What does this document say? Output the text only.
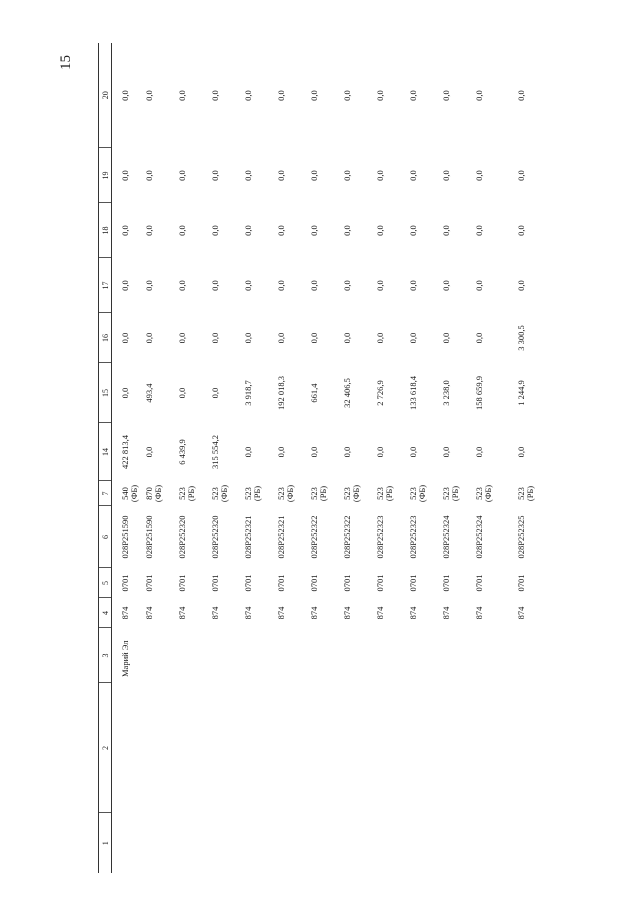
15
1	2	3	4	5	6	7	14	15	16	17	18	19	20
		Марий Эл	874	0701	028P251590	540 (ФБ)	422 813,4	0,0	0,0	0,0	0,0	0,0	0,0
			874	0701	028P251590	870 (ФБ)	0,0	493,4	0,0	0,0	0,0	0,0	0,0
			874	0701	028P252320	523 (РБ)	6 439,9	0,0	0,0	0,0	0,0	0,0	0,0
			874	0701	028P252320	523 (ФБ)	315 554,2	0,0	0,0	0,0	0,0	0,0	0,0
			874	0701	028P252321	523 (РБ)	0,0	3 918,7	0,0	0,0	0,0	0,0	0,0
			874	0701	028P252321	523 (ФБ)	0,0	192 018,3	0,0	0,0	0,0	0,0	0,0
			874	0701	028P252322	523 (РБ)	0,0	661,4	0,0	0,0	0,0	0,0	0,0
			874	0701	028P252322	523 (ФБ)	0,0	32 406,5	0,0	0,0	0,0	0,0	0,0
			874	0701	028P252323	523 (РБ)	0,0	2 726,9	0,0	0,0	0,0	0,0	0,0
			874	0701	028P252323	523 (ФБ)	0,0	133 618,4	0,0	0,0	0,0	0,0	0,0
			874	0701	028P252324	523 (РБ)	0,0	3 238,0	0,0	0,0	0,0	0,0	0,0
			874	0701	028P252324	523 (ФБ)	0,0	158 659,9	0,0	0,0	0,0	0,0	0,0
			874	0701	028P252325	523 (РБ)	0,0	1 244,9	3 300,5	0,0	0,0	0,0	0,0
